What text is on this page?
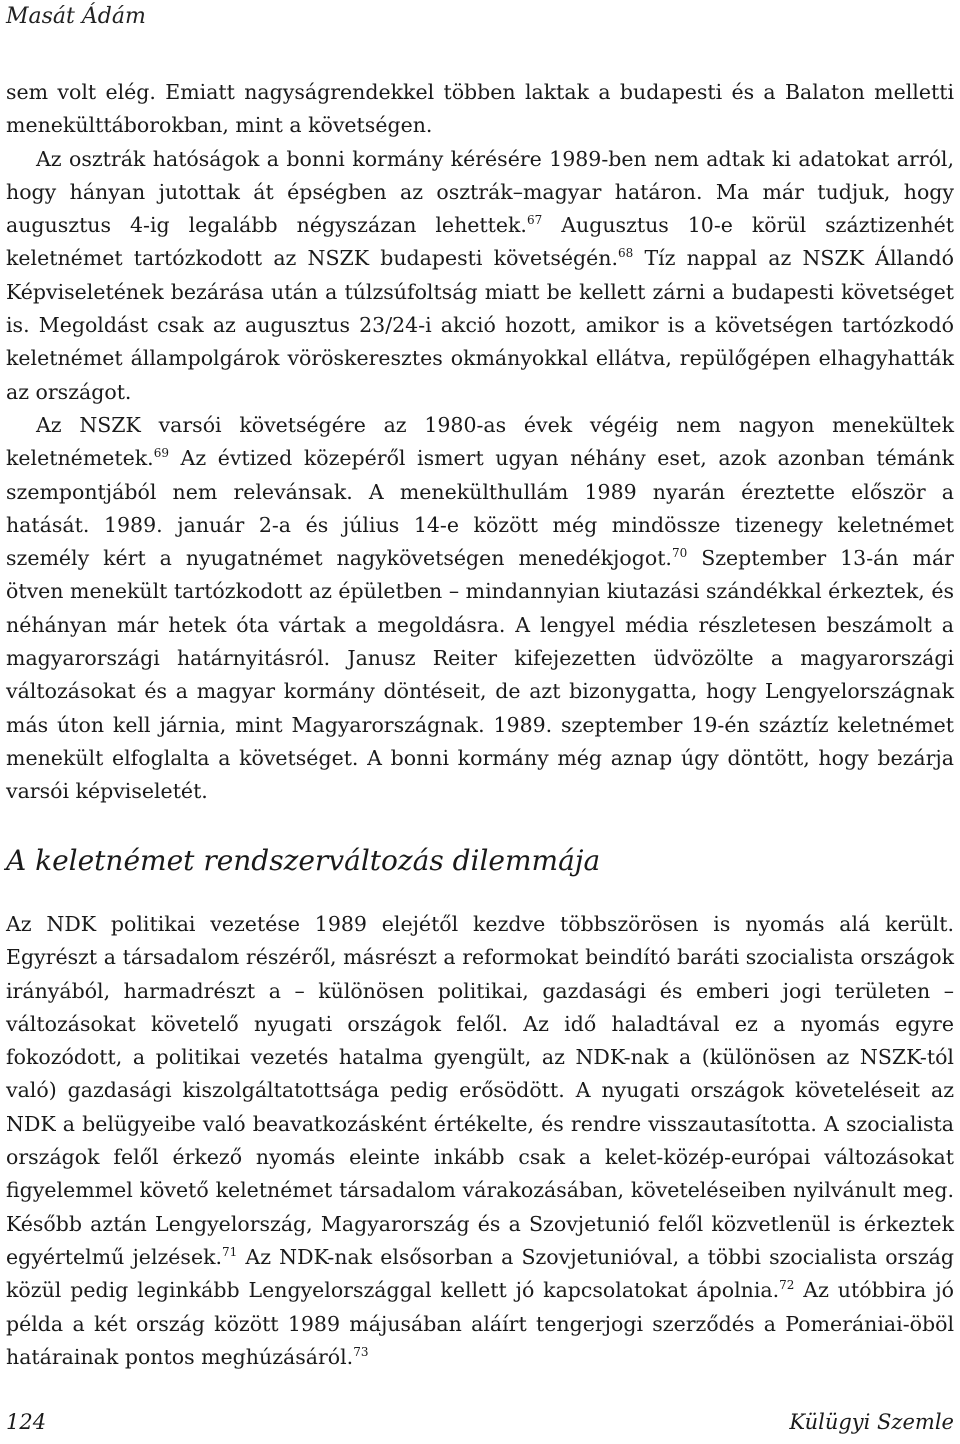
Masát Ádám

sem volt elég. Emiatt nagyságrendekkel többen laktak a budapesti és a Balaton melletti menekülttáborokban, mint a követségen.

Az osztrák hatóságok a bonni kormány kérésére 1989-ben nem adtak ki adatokat arról, hogy hányan jutottak át épségben az osztrák–magyar határon. Ma már tudjuk, hogy augusztus 4-ig legalább négyszázan lehettek.$^{67}$ Augusztus 10-e körül száztizenhét keletnémet tartózkodott az NSZK budapesti követségén.$^{68}$ Tíz nappal az NSZK Állandó Képviseletének bezárása után a túlzsúfoltság miatt be kellett zárni a budapesti követséget is. Megoldást csak az augusztus 23/24-i akció hozott, amikor is a követségen tartózkodó keletnémet állampolgárok vöröskeresztes okmányokkal ellátva, repülőgépen elhagyhatták az országot.

Az NSZK varsói követségére az 1980-as évek végéig nem nagyon menekültek keletnémetek.$^{69}$ Az évtized közepéről ismert ugyan néhány eset, azok azonban témánk szempontjából nem relevánsak. A menekülthullám 1989 nyarán éreztette először a hatását. 1989. január 2-a és július 14-e között még mindössze tizenegy keletnémet személy kért a nyugatnémet nagykövetségen menedékjogot.$^{70}$ Szeptember 13-án már ötven menekült tartózkodott az épületben – mindannyian kiutazási szándékkal érkeztek, és néhányan már hetek óta vártak a megoldásra. A lengyel média részletesen beszámolt a magyarországi határnyitásról. Janusz Reiter kifejezetten üdvözölte a magyarországi változásokat és a magyar kormány döntéseit, de azt bizonygatta, hogy Lengyelországnak más úton kell járnia, mint Magyarországnak. 1989. szeptember 19-én száztíz keletnémet menekült elfoglalta a követséget. A bonni kormány még aznap úgy döntött, hogy bezárja varsói képviseletét.

A keletnémet rendszerváltozás dilemmája

Az NDK politikai vezetése 1989 elejétől kezdve többszörösen is nyomás alá került. Egyrészt a társadalom részéről, másrészt a reformokat beindító baráti szocialista országok irányából, harmadrészt a – különösen politikai, gazdasági és emberi jogi területen – változásokat követelő nyugati országok felől. Az idő haladtával ez a nyomás egyre fokozódott, a politikai vezetés hatalma gyengült, az NDK-nak a (különösen az NSZK-tól való) gazdasági kiszolgáltatottsága pedig erősödött. A nyugati országok követeléseit az NDK a belügyeibe való beavatkozásként értékelte, és rendre visszautasította. A szocialista országok felől érkező nyomás eleinte inkább csak a kelet-közép-európai változásokat figyelemmel követő keletnémet társadalom várakozásában, követeléseiben nyilvánult meg. Később aztán Lengyelország, Magyarország és a Szovjetunió felől közvetlenül is érkeztek egyértelmű jelzések.$^{71}$ Az NDK-nak elsősorban a Szovjetunióval, a többi szocialista ország közül pedig leginkább Lengyelországgal kellett jó kapcsolatokat ápolnia.$^{72}$ Az utóbbira jó példa a két ország között 1989 májusában aláírt tengerjogi szerződés a Pomerániai-öböl határainak pontos meghúzásáról.$^{73}$

124	Külügyi Szemle
